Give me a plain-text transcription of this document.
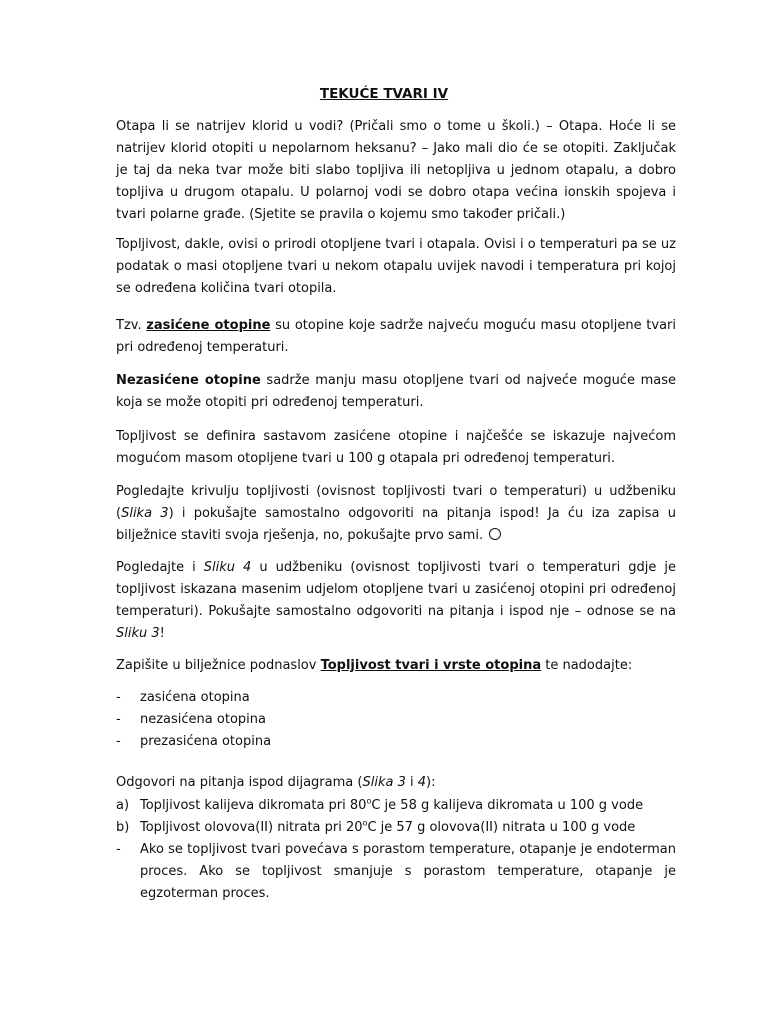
TEKUĆE TVARI IV

Otapa li se natrijev klorid u vodi? (Pričali smo o tome u školi.) – Otapa. Hoće li se natrijev klorid otopiti u nepolarnom heksanu? – Jako mali dio će se otopiti. Zaključak je taj da neka tvar može biti slabo topljiva ili netopljiva u jednom otapalu, a dobro topljiva u drugom otapalu. U polarnoj vodi se dobro otapa većina ionskih spojeva i tvari polarne građe. (Sjetite se pravila o kojemu smo također pričali.)

Topljivost, dakle, ovisi o prirodi otopljene tvari i otapala. Ovisi i o temperaturi pa se uz podatak o masi otopljene tvari u nekom otapalu uvijek navodi i temperatura pri kojoj se određena količina tvari otopila.

Tzv. zasićene otopine su otopine koje sadrže najveću moguću masu otopljene tvari pri određenoj temperaturi.

Nezasićene otopine sadrže manju masu otopljene tvari od najveće moguće mase koja se može otopiti pri određenoj temperaturi.

Topljivost se definira sastavom zasićene otopine i najčešće se iskazuje najvećom mogućom masom otopljene tvari u 100 g otapala pri određenoj temperaturi.

Pogledajte krivulju topljivosti (ovisnost topljivosti tvari o temperaturi) u udžbeniku (Slika 3) i pokušajte samostalno odgovoriti na pitanja ispod! Ja ću iza zapisa u bilježnice staviti svoja rješenja, no, pokušajte prvo sami.

Pogledajte i Sliku 4 u udžbeniku (ovisnost topljivosti tvari o temperaturi gdje je topljivost iskazana masenim udjelom otopljene tvari u zasićenoj otopini pri određenoj temperaturi). Pokušajte samostalno odgovoriti na pitanja i ispod nje – odnose se na Sliku 3!

Zapišite u bilježnice podnaslov Topljivost tvari i vrste otopina te nadodajte:

- zasićena otopina
- nezasićena otopina
- prezasićena otopina

Odgovori na pitanja ispod dijagrama (Slika 3 i 4):

a) Topljivost kalijeva dikromata pri 80$^o$C je 58 g kalijeva dikromata u 100 g vode
b) Topljivost olovova(II) nitrata pri 20$^o$C je 57 g olovova(II) nitrata u 100 g vode
- Ako se topljivost tvari povećava s porastom temperature, otapanje je endoterman proces. Ako se topljivost smanjuje s porastom temperature, otapanje je egzoterman proces.
